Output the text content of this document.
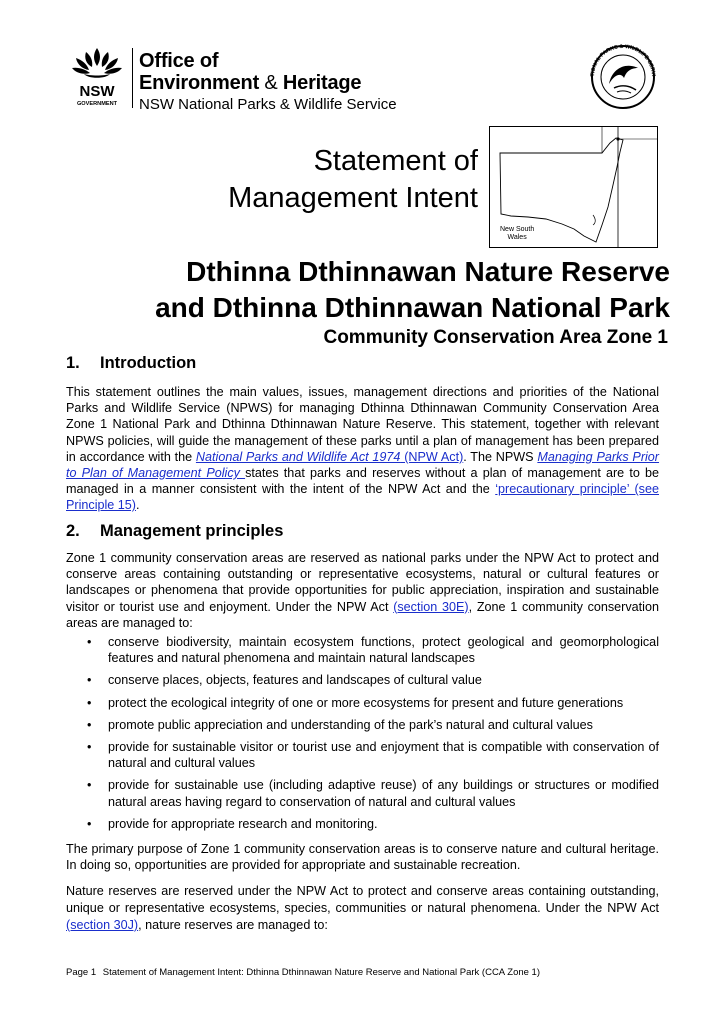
NSW
GOVERNMENT
Office of
Environment & Heritage
NSW National Parks & Wildlife Service
TIONAL PARKS & WILDLIFE SERVI
Statement of
Management Intent
New South
Wales
Dthinna Dthinnawan Nature Reserve
and Dthinna Dthinnawan National Park
Community Conservation Area Zone 1
1. Introduction

This statement outlines the main values, issues, management directions and priorities of the National Parks and Wildlife Service (NPWS) for managing Dthinna Dthinnawan Community Conservation Area Zone 1 National Park and Dthinna Dthinnawan Nature Reserve. This statement, together with relevant NPWS policies, will guide the management of these parks until a plan of management has been prepared in accordance with the National Parks and Wildlife Act 1974 (NPW Act). The NPWS Managing Parks Prior to Plan of Management Policy states that parks and reserves without a plan of management are to be managed in a manner consistent with the intent of the NPW Act and the ‘precautionary principle’ (see Principle 15).

2. Management principles

Zone 1 community conservation areas are reserved as national parks under the NPW Act to protect and conserve areas containing outstanding or representative ecosystems, natural or cultural features or landscapes or phenomena that provide opportunities for public appreciation, inspiration and sustainable visitor or tourist use and enjoyment. Under the NPW Act (section 30E), Zone 1 community conservation areas are managed to:

• conserve biodiversity, maintain ecosystem functions, protect geological and geomorphological features and natural phenomena and maintain natural landscapes
• conserve places, objects, features and landscapes of cultural value
• protect the ecological integrity of one or more ecosystems for present and future generations
• promote public appreciation and understanding of the park’s natural and cultural values
• provide for sustainable visitor or tourist use and enjoyment that is compatible with conservation of natural and cultural values
• provide for sustainable use (including adaptive reuse) of any buildings or structures or modified natural areas having regard to conservation of natural and cultural values
• provide for appropriate research and monitoring.

The primary purpose of Zone 1 community conservation areas is to conserve nature and cultural heritage. In doing so, opportunities are provided for appropriate and sustainable recreation.

Nature reserves are reserved under the NPW Act to protect and conserve areas containing outstanding, unique or representative ecosystems, species, communities or natural phenomena. Under the NPW Act (section 30J), nature reserves are managed to:

Page 1 Statement of Management Intent: Dthinna Dthinnawan Nature Reserve and National Park (CCA Zone 1)
